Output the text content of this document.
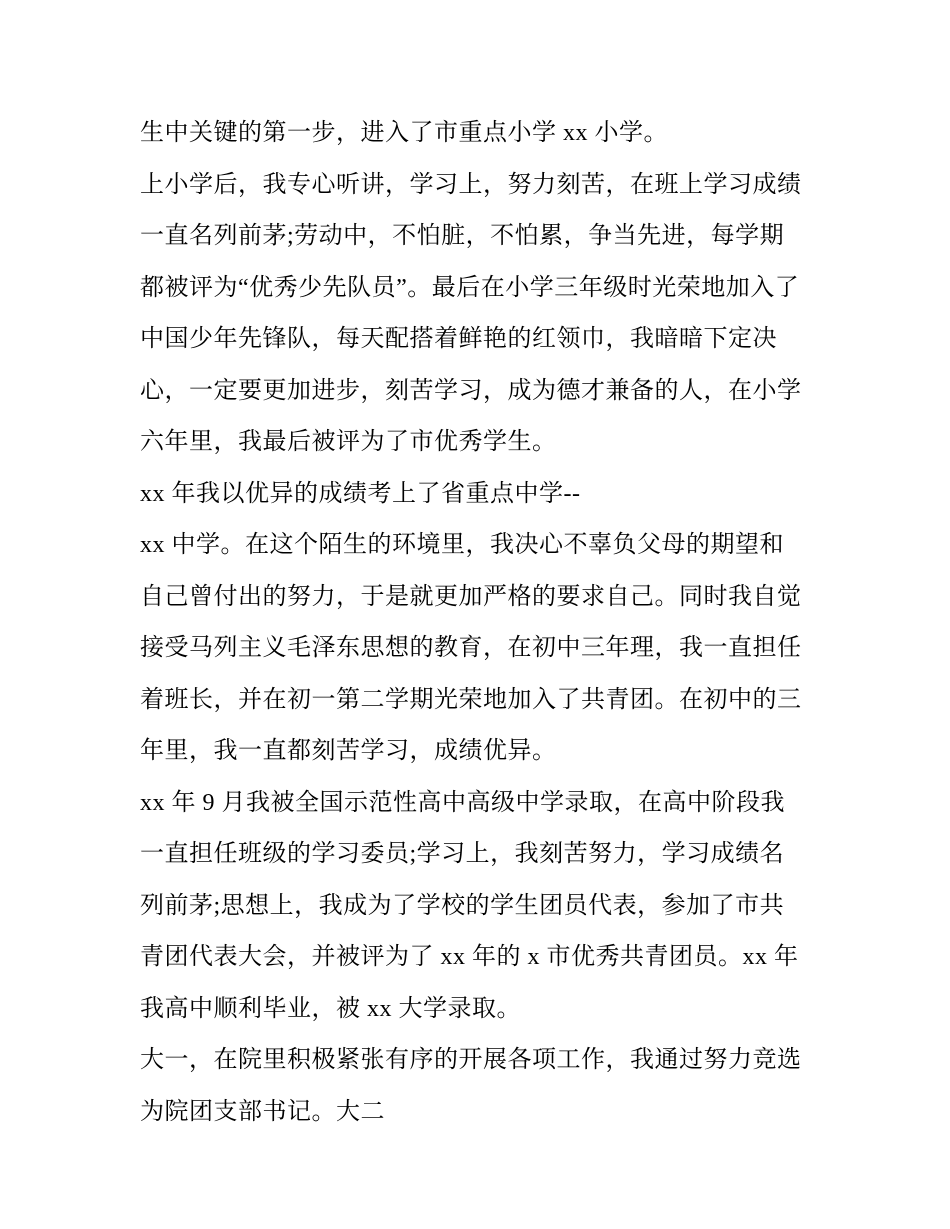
生中关键的第一步，进入了市重点小学 xx 小学。
上小学后，我专心听讲，学习上，努力刻苦，在班上学习成绩
一直名列前茅;劳动中，不怕脏，不怕累，争当先进，每学期
都被评为“优秀少先队员”。最后在小学三年级时光荣地加入了
中国少年先锋队，每天配搭着鲜艳的红领巾，我暗暗下定决
心，一定要更加进步，刻苦学习，成为德才兼备的人，在小学
六年里，我最后被评为了市优秀学生。
xx 年我以优异的成绩考上了省重点中学--
xx 中学。在这个陌生的环境里，我决心不辜负父母的期望和
自己曾付出的努力，于是就更加严格的要求自己。同时我自觉
接受马列主义毛泽东思想的教育，在初中三年理，我一直担任
着班长，并在初一第二学期光荣地加入了共青团。在初中的三
年里，我一直都刻苦学习，成绩优异。
xx 年 9 月我被全国示范性高中高级中学录取，在高中阶段我
一直担任班级的学习委员;学习上，我刻苦努力，学习成绩名
列前茅;思想上，我成为了学校的学生团员代表，参加了市共
青团代表大会，并被评为了 xx 年的 x 市优秀共青团员。xx 年
我高中顺利毕业，被 xx 大学录取。
大一，在院里积极紧张有序的开展各项工作，我通过努力竞选
为院团支部书记。大二
